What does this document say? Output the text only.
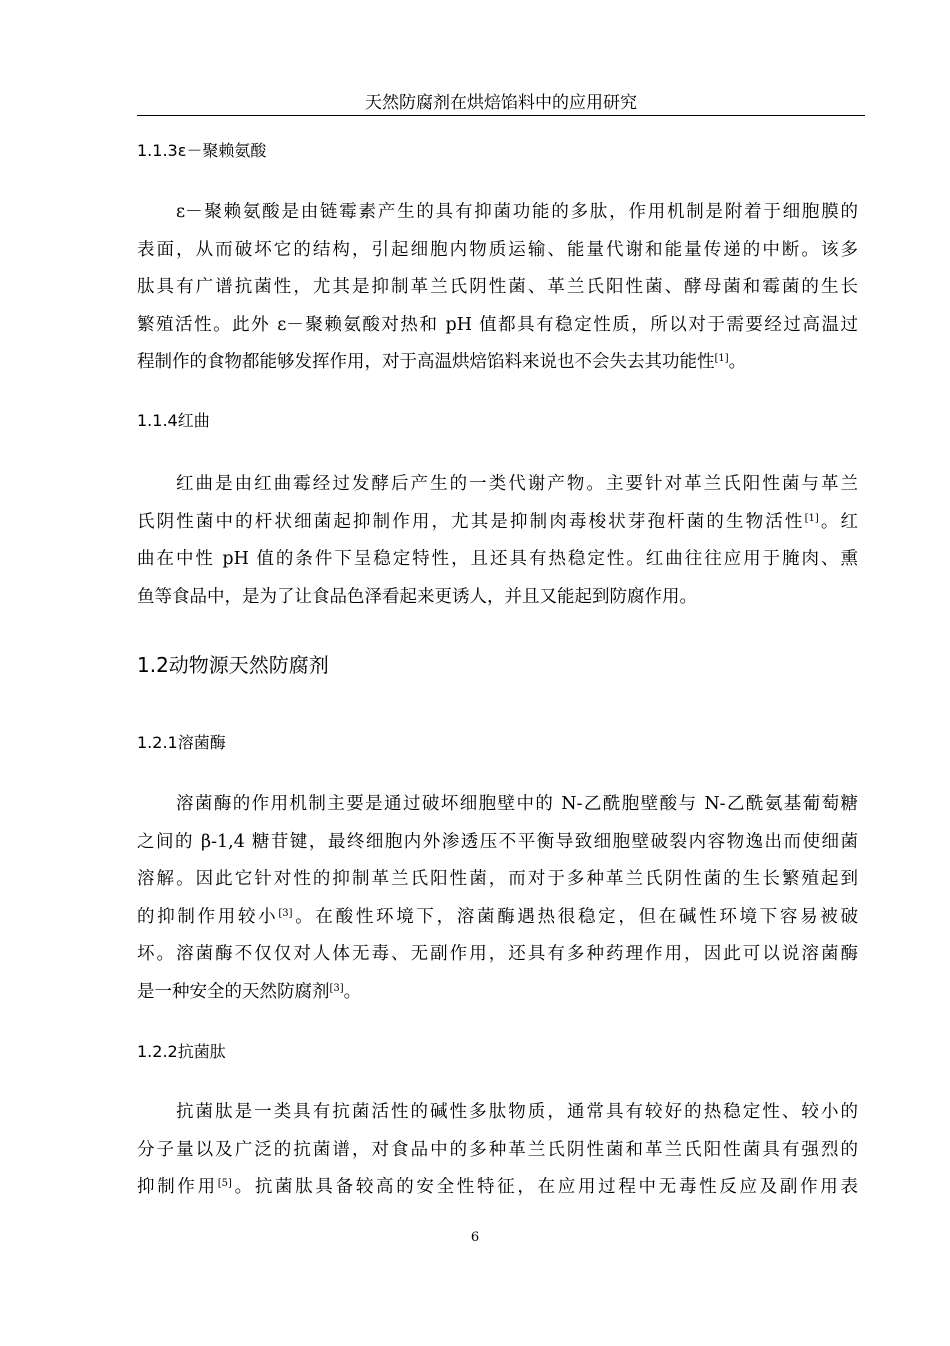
天然防腐剂在烘焙馅料中的应用研究
1.1.3ε－聚赖氨酸
ε－聚赖氨酸是由链霉素产生的具有抑菌功能的多肽，作用机制是附着于细胞膜的
表面，从而破坏它的结构，引起细胞内物质运输、能量代谢和能量传递的中断。该多
肽具有广谱抗菌性，尤其是抑制革兰氏阴性菌、革兰氏阳性菌、酵母菌和霉菌的生长
繁殖活性。此外 ε－聚赖氨酸对热和 pH 值都具有稳定性质，所以对于需要经过高温过
程制作的食物都能够发挥作用，对于高温烘焙馅料来说也不会失去其功能性[1]。
1.1.4红曲
红曲是由红曲霉经过发酵后产生的一类代谢产物。主要针对革兰氏阳性菌与革兰
氏阴性菌中的杆状细菌起抑制作用，尤其是抑制肉毒梭状芽孢杆菌的生物活性[1]。红
曲在中性 pH 值的条件下呈稳定特性，且还具有热稳定性。红曲往往应用于腌肉、熏
鱼等食品中，是为了让食品色泽看起来更诱人，并且又能起到防腐作用。
1.2动物源天然防腐剂
1.2.1溶菌酶
溶菌酶的作用机制主要是通过破坏细胞壁中的 N-乙酰胞壁酸与 N-乙酰氨基葡萄糖
之间的 β-1,4 糖苷键，最终细胞内外渗透压不平衡导致细胞壁破裂内容物逸出而使细菌
溶解。因此它针对性的抑制革兰氏阳性菌，而对于多种革兰氏阴性菌的生长繁殖起到
的抑制作用较小[3]。在酸性环境下，溶菌酶遇热很稳定，但在碱性环境下容易被破
坏。溶菌酶不仅仅对人体无毒、无副作用，还具有多种药理作用，因此可以说溶菌酶
是一种安全的天然防腐剂[3]。
1.2.2抗菌肽
抗菌肽是一类具有抗菌活性的碱性多肽物质，通常具有较好的热稳定性、较小的
分子量以及广泛的抗菌谱，对食品中的多种革兰氏阴性菌和革兰氏阳性菌具有强烈的
抑制作用[5]。抗菌肽具备较高的安全性特征，在应用过程中无毒性反应及副作用表
6
